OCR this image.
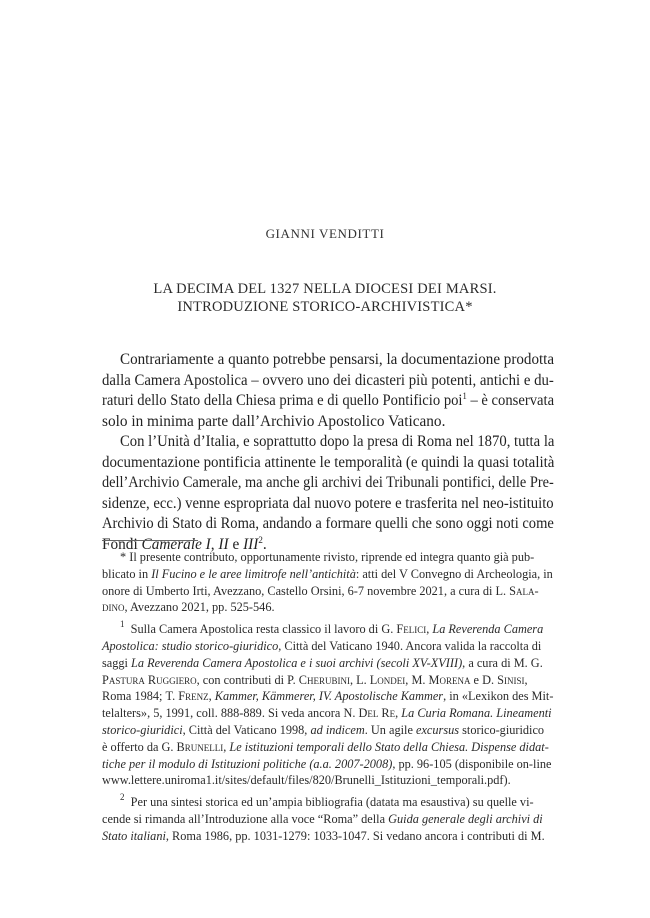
GIANNI VENDITTI
LA DECIMA DEL 1327 NELLA DIOCESI DEI MARSI.
INTRODUZIONE STORICO-ARCHIVISTICA*
Contrariamente a quanto potrebbe pensarsi, la documentazione prodotta
dalla Camera Apostolica – ovvero uno dei dicasteri più potenti, antichi e du-
raturi dello Stato della Chiesa prima e di quello Pontificio poi$^1$ – è conservata
solo in minima parte dall’Archivio Apostolico Vaticano.
Con l’Unità d’Italia, e soprattutto dopo la presa di Roma nel 1870, tutta la
documentazione pontificia attinente le temporalità (e quindi la quasi totalità
dell’Archivio Camerale, ma anche gli archivi dei Tribunali pontifici, delle Pre-
sidenze, ecc.) venne espropriata dal nuovo potere e trasferita nel neo-istituito
Archivio di Stato di Roma, andando a formare quelli che sono oggi noti come
Fondi Camerale I, II e III$^2$.
* Il presente contributo, opportunamente rivisto, riprende ed integra quanto già pub-
blicato in Il Fucino e le aree limitrofe nell’antichità: atti del V Convegno di Archeologia, in
onore di Umberto Irti, Avezzano, Castello Orsini, 6-7 novembre 2021, a cura di L. Sala-
dino, Avezzano 2021, pp. 525-546.
$^1$ Sulla Camera Apostolica resta classico il lavoro di G. Felici, La Reverenda Camera
Apostolica: studio storico-giuridico, Città del Vaticano 1940. Ancora valida la raccolta di
saggi La Reverenda Camera Apostolica e i suoi archivi (secoli XV-XVIII), a cura di M. G.
Pastura Ruggiero, con contributi di P. Cherubini, L. Londei, M. Morena e D. Sinisi,
Roma 1984; T. Frenz, Kammer, Kämmerer, IV. Apostolische Kammer, in «Lexikon des Mit-
telalters», 5, 1991, coll. 888-889. Si veda ancora N. Del Re, La Curia Romana. Lineamenti
storico-giuridici, Città del Vaticano 1998, ad indicem. Un agile excursus storico-giuridico
è offerto da G. Brunelli, Le istituzioni temporali dello Stato della Chiesa. Dispense didat-
tiche per il modulo di Istituzioni politiche (a.a. 2007-2008), pp. 96-105 (disponibile on-line
www.lettere.uniroma1.it/sites/default/files/820/Brunelli_Istituzioni_temporali.pdf).
$^2$ Per una sintesi storica ed un’ampia bibliografia (datata ma esaustiva) su quelle vi-
cende si rimanda all’Introduzione alla voce “Roma” della Guida generale degli archivi di
Stato italiani, Roma 1986, pp. 1031-1279: 1033-1047. Si vedano ancora i contributi di M.
